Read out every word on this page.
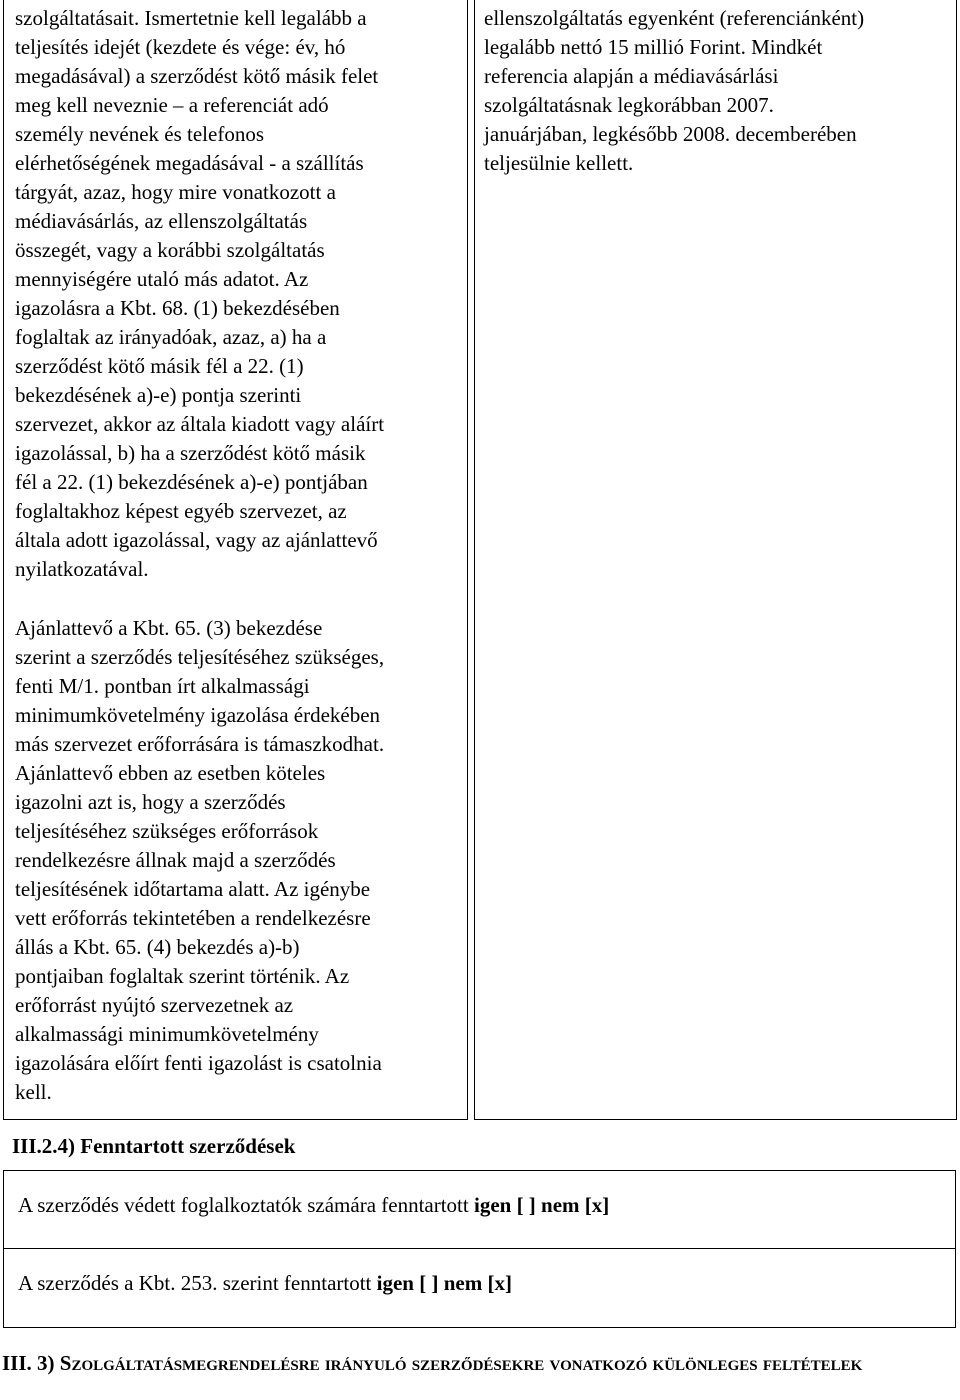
szolgáltatásait. Ismertetnie kell legalább a
teljesítés idejét (kezdete és vége: év, hó
megadásával) a szerződést kötő másik felet
meg kell neveznie – a referenciát adó
személy nevének és telefonos
elérhetőségének megadásával - a szállítás
tárgyát, azaz, hogy mire vonatkozott a
médiavásárlás, az ellenszolgáltatás
összegét, vagy a korábbi szolgáltatás
mennyiségére utaló más adatot. Az
igazolásra a Kbt. 68. (1) bekezdésében
foglaltak az irányadóak, azaz, a) ha a
szerződést kötő másik fél a 22. (1)
bekezdésének a)-e) pontja szerinti
szervezet, akkor az általa kiadott vagy aláírt
igazolással, b) ha a szerződést kötő másik
fél a 22. (1) bekezdésének a)-e) pontjában
foglaltakhoz képest egyéb szervezet, az
általa adott igazolással, vagy az ajánlattevő
nyilatkozatával.

Ajánlattevő a Kbt. 65. (3) bekezdése
szerint a szerződés teljesítéséhez szükséges,
fenti M/1. pontban írt alkalmassági
minimumkövetelmény igazolása érdekében
más szervezet erőforrására is támaszkodhat.
Ajánlattevő ebben az esetben köteles
igazolni azt is, hogy a szerződés
teljesítéséhez szükséges erőforrások
rendelkezésre állnak majd a szerződés
teljesítésének időtartama alatt. Az igénybe
vett erőforrás tekintetében a rendelkezésre
állás a Kbt. 65. (4) bekezdés a)-b)
pontjaiban foglaltak szerint történik. Az
erőforrást nyújtó szervezetnek az
alkalmassági minimumkövetelmény
igazolására előírt fenti igazolást is csatolnia
kell.

ellenszolgáltatás egyenként (referenciánként)
legalább nettó 15 millió Forint. Mindkét
referencia alapján a médiavásárlási
szolgáltatásnak legkorábban 2007.
januárjában, legkésőbb 2008. decemberében
teljesülnie kellett.

III.2.4) Fenntartott szerződések

A szerződés védett foglalkoztatók számára fenntartott igen [ ] nem [x]

A szerződés a Kbt. 253. szerint fenntartott igen [ ] nem [x]

III. 3) Szolgáltatásmegrendelésre irányuló szerződésekre vonatkozó különleges feltételek
